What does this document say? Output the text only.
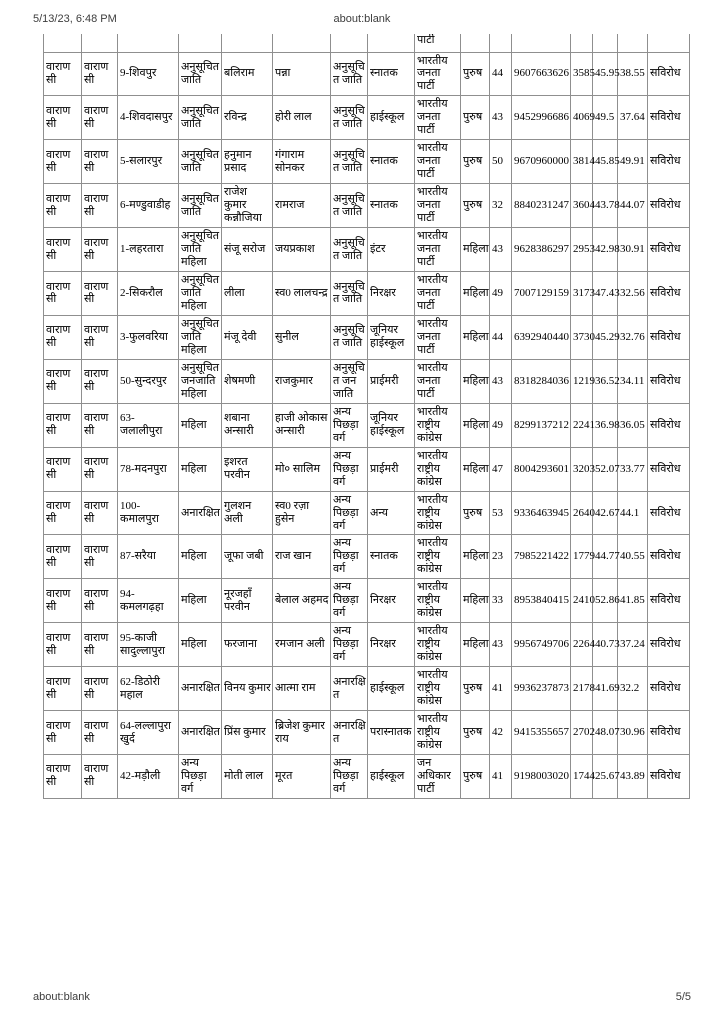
5/13/23, 6:48 PM	about:blank
								पार्टी							
वाराणसी	वाराणसी	9-शिवपुर	अनुसूचित जाति	बलिराम	पन्ना	अनुसूचित जाति	स्नातक	भारतीय जनता पार्टी	पुरुष	44	9607663626	3585	45.95	38.55	सविरोध
वाराणसी	वाराणसी	4-शिवदासपुर	अनुसूचित जाति	रविन्द्र	होरी लाल	अनुसूचित जाति	हाईस्कूल	भारतीय जनता पार्टी	पुरुष	43	9452996686	4069	49.5	37.64	सविरोध
वाराणसी	वाराणसी	5-सलारपुर	अनुसूचित जाति	हनुमान प्रसाद	गंगाराम सोनकर	अनुसूचित जाति	स्नातक	भारतीय जनता पार्टी	पुरुष	50	9670960000	3814	45.85	49.91	सविरोध
वाराणसी	वाराणसी	6-मण्डुवाडीह	अनुसूचित जाति	राजेश कुमार कन्नौजिया	रामराज	अनुसूचित जाति	स्नातक	भारतीय जनता पार्टी	पुरुष	32	8840231247	3604	43.78	44.07	सविरोध
वाराणसी	वाराणसी	1-लहरतारा	अनुसूचित जाति महिला	संजू सरोज	जयप्रकाश	अनुसूचित जाति	इंटर	भारतीय जनता पार्टी	महिला	43	9628386297	2953	42.98	30.91	सविरोध
वाराणसी	वाराणसी	2-सिकरौल	अनुसूचित जाति महिला	लीला	स्व0 लालचन्द्र	अनुसूचित जाति	निरक्षर	भारतीय जनता पार्टी	महिला	49	7007129159	3173	47.43	32.56	सविरोध
वाराणसी	वाराणसी	3-फुलवरिया	अनुसूचित जाति महिला	मंजू देवी	सुनील	अनुसूचित जाति	जूनियर हाईस्कूल	भारतीय जनता पार्टी	महिला	44	6392940440	3730	45.29	32.76	सविरोध
वाराणसी	वाराणसी	50-सुन्दरपुर	अनुसूचित जनजाति महिला	शेषमणी	राजकुमार	अनुसूचित जन जाति	प्राईमरी	भारतीय जनता पार्टी	महिला	43	8318284036	1219	36.52	34.11	सविरोध
वाराणसी	वाराणसी	63-जलालीपुरा	महिला	शबाना अन्सारी	हाजी ओकास अन्सारी	अन्य पिछड़ा वर्ग	जूनियर हाईस्कूल	भारतीय राष्ट्रीय कांग्रेस	महिला	49	8299137212	2241	36.98	36.05	सविरोध
वाराणसी	वाराणसी	78-मदनपुरा	महिला	इशरत परवीन	मो० सालिम	अन्य पिछड़ा वर्ग	प्राईमरी	भारतीय राष्ट्रीय कांग्रेस	महिला	47	8004293601	3203	52.07	33.77	सविरोध
वाराणसी	वाराणसी	100-कमालपुरा	अनारक्षित	गुलशन अली	स्व0 रज़ा हुसेन	अन्य पिछड़ा वर्ग	अन्य	भारतीय राष्ट्रीय कांग्रेस	पुरुष	53	9336463945	2640	42.67	44.1	सविरोध
वाराणसी	वाराणसी	87-सरैया	महिला	जूफा जबी	राज खान	अन्य पिछड़ा वर्ग	स्नातक	भारतीय राष्ट्रीय कांग्रेस	महिला	23	7985221422	1779	44.77	40.55	सविरोध
वाराणसी	वाराणसी	94-कमलगढ़हा	महिला	नूरजहाँ परवीन	बेलाल अहमद	अन्य पिछड़ा वर्ग	निरक्षर	भारतीय राष्ट्रीय कांग्रेस	महिला	33	8953840415	2410	52.86	41.85	सविरोध
वाराणसी	वाराणसी	95-काजी सादुल्लापुरा	महिला	फरजाना	रमजान अली	अन्य पिछड़ा वर्ग	निरक्षर	भारतीय राष्ट्रीय कांग्रेस	महिला	43	9956749706	2264	40.73	37.24	सविरोध
वाराणसी	वाराणसी	62-डिठोरी महाल	अनारक्षित	विनय कुमार	आत्मा राम	अनारक्षित	हाईस्कूल	भारतीय राष्ट्रीय कांग्रेस	पुरुष	41	9936237873	2178	41.69	32.2	सविरोध
वाराणसी	वाराणसी	64-लल्लापुरा खुर्द	अनारक्षित	प्रिंस कुमार	ब्रिजेश कुमार राय	अनारक्षित	परास्नातक	भारतीय राष्ट्रीय कांग्रेस	पुरुष	42	9415355657	2702	48.07	30.96	सविरोध
वाराणसी	वाराणसी	42-मड़ौली	अन्य पिछड़ा वर्ग	मोती लाल	मूरत	अन्य पिछड़ा वर्ग	हाईस्कूल	जन अधिकार पार्टी	पुरुष	41	9198003020	1744	25.67	43.89	सविरोध
about:blank	5/5
